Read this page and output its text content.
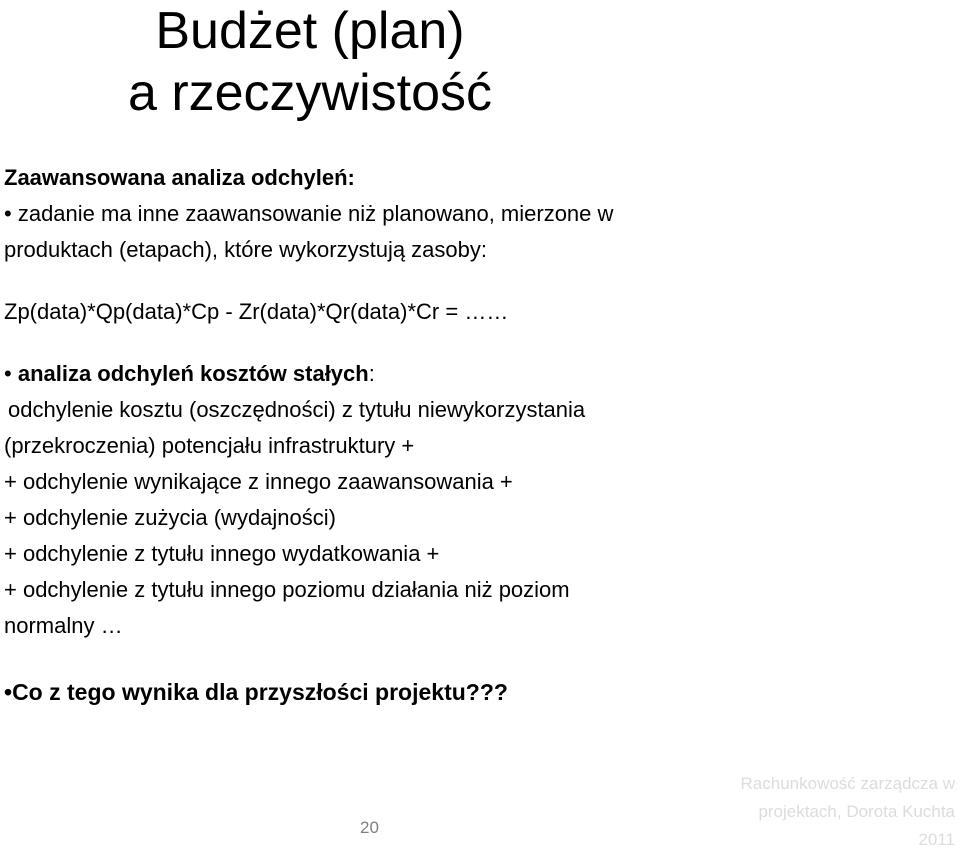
Budżet (plan)
a rzeczywistość
Zaawansowana analiza odchyleń:
• zadanie ma inne zaawansowanie niż planowano, mierzone w
produktach (etapach), które wykorzystują zasoby:
Zp(data)*Qp(data)*Cp - Zr(data)*Qr(data)*Cr = ……
• analiza odchyleń kosztów stałych:
odchylenie kosztu (oszczędności) z tytułu niewykorzystania
(przekroczenia) potencjału infrastruktury +
+ odchylenie wynikające z innego zaawansowania +
+ odchylenie zużycia (wydajności)
+ odchylenie z tytułu innego wydatkowania +
+ odchylenie z tytułu innego poziomu działania niż poziom
normalny …
•Co z tego wynika dla przyszłości projektu???
20
Rachunkowość zarządcza w
projektach, Dorota Kuchta
2011
